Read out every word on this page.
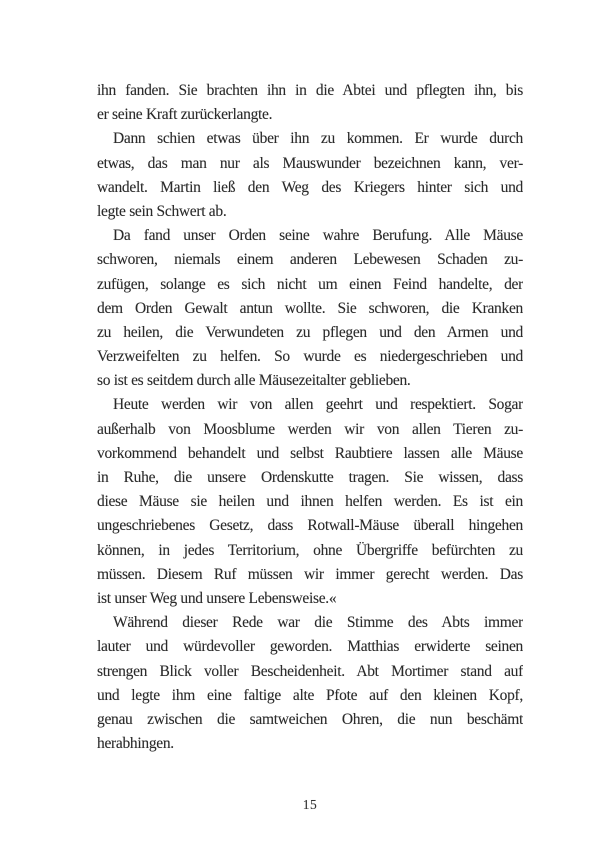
ihn fanden. Sie brachten ihn in die Abtei und pflegten ihn, bis
er seine Kraft zurückerlangte.
Dann schien etwas über ihn zu kommen. Er wurde durch
etwas, das man nur als Mauswunder bezeichnen kann, ver-
wandelt. Martin ließ den Weg des Kriegers hinter sich und
legte sein Schwert ab.
Da fand unser Orden seine wahre Berufung. Alle Mäuse
schworen, niemals einem anderen Lebewesen Schaden zu-
zufügen, solange es sich nicht um einen Feind handelte, der
dem Orden Gewalt antun wollte. Sie schworen, die Kranken
zu heilen, die Verwundeten zu pflegen und den Armen und
Verzweifelten zu helfen. So wurde es niedergeschrieben und
so ist es seitdem durch alle Mäusezeitalter geblieben.
Heute werden wir von allen geehrt und respektiert. Sogar
außerhalb von Moosblume werden wir von allen Tieren zu-
vorkommend behandelt und selbst Raubtiere lassen alle Mäuse
in Ruhe, die unsere Ordenskutte tragen. Sie wissen, dass
diese Mäuse sie heilen und ihnen helfen werden. Es ist ein
ungeschriebenes Gesetz, dass Rotwall-Mäuse überall hingehen
können, in jedes Territorium, ohne Übergriffe befürchten zu
müssen. Diesem Ruf müssen wir immer gerecht werden. Das
ist unser Weg und unsere Lebensweise.«
Während dieser Rede war die Stimme des Abts immer
lauter und würdevoller geworden. Matthias erwiderte seinen
strengen Blick voller Bescheidenheit. Abt Mortimer stand auf
und legte ihm eine faltige alte Pfote auf den kleinen Kopf,
genau zwischen die samtweichen Ohren, die nun beschämt
herabhingen.
15
